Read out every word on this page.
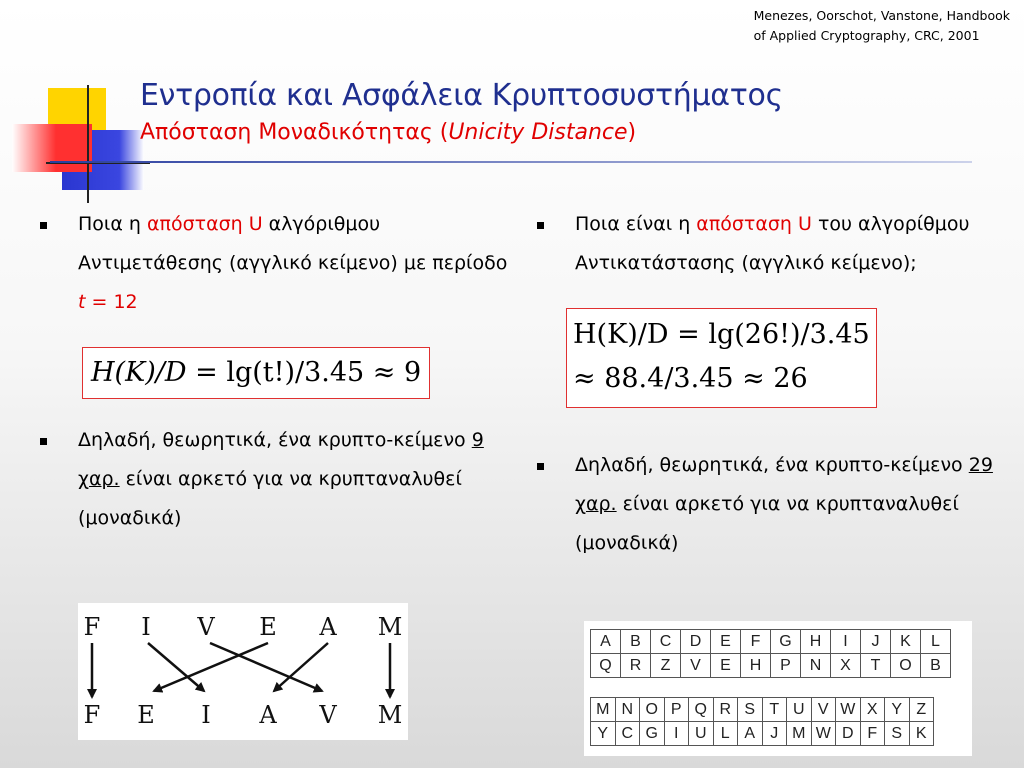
Menezes, Oorschot, Vanstone, Handbook
of Applied Cryptography, CRC, 2001
Εντροπία και Ασφάλεια Κρυπτοσυστήματος
Απόσταση Μοναδικότητας (Unicity Distance)
Ποια η απόσταση U αλγόριθμου Αντιμετάθεσης (αγγλικό κείμενο) με περίοδο t = 12
H(K)/D = lg(t!)/3.45 ≈ 9
Δηλαδή, θεωρητικά, ένα κρυπτο-κείμενο 9 χαρ. είναι αρκετό για να κρυπταναλυθεί (μοναδικά)
F I V E A M
F E I A V M
Ποια είναι η απόσταση U του αλγορίθμου Αντικατάστασης (αγγλικό κείμενο);
H(K)/D = lg(26!)/3.45
≈ 88.4/3.45 ≈ 26
Δηλαδή, θεωρητικά, ένα κρυπτο-κείμενο 29 χαρ. είναι αρκετό για να κρυπταναλυθεί (μοναδικά)
A	B	C	D	E	F	G	H	I	J	K	L
Q	R	Z	V	E	H	P	N	X	T	O	B
M	N	O	P	Q	R	S	T	U	V	W	X	Y	Z
Y	C	G	I	U	L	A	J	M	W	D	F	S	K
